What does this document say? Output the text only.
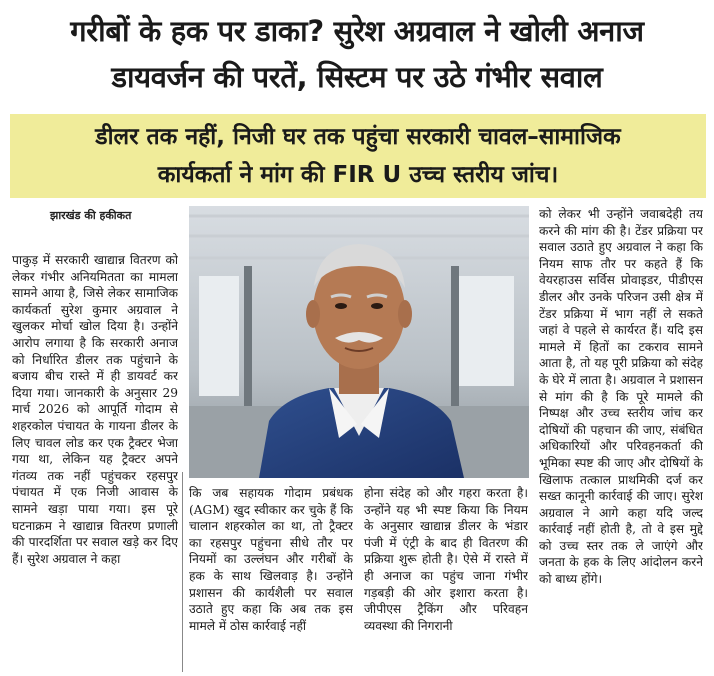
गरीबों के हक पर डाका? सुरेश अग्रवाल ने खोली अनाज
डायवर्जन की परतें, सिस्टम पर उठे गंभीर सवाल
डीलर तक नहीं, निजी घर तक पहुंचा सरकारी चावल–सामाजिक
कार्यकर्ता ने मांग की FIR U उच्च स्तरीय जांच।
झारखंड की हकीकत
पाकुड़ में सरकारी खाद्यान्न वितरण को लेकर गंभीर अनियमितता का मामला सामने आया है, जिसे लेकर सामाजिक कार्यकर्ता सुरेश कुमार अग्रवाल ने खुलकर मोर्चा खोल दिया है। उन्होंने आरोप लगाया है कि सरकारी अनाज को निर्धारित डीलर तक पहुंचाने के बजाय बीच रास्ते में ही डायवर्ट कर दिया गया। जानकारी के अनुसार 29 मार्च 2026 को आपूर्ति गोदाम से शहरकोल पंचायत के गायना डीलर के लिए चावल लोड कर एक ट्रैक्टर भेजा गया था, लेकिन यह ट्रैक्टर अपने गंतव्य तक नहीं पहुंचकर रहसपुर पंचायत में एक निजी आवास के सामने खड़ा पाया गया। इस पूरे घटनाक्रम ने खाद्यान्न वितरण प्रणाली की पारदर्शिता पर सवाल खड़े कर दिए हैं। सुरेश अग्रवाल ने कहा
कि जब सहायक गोदाम प्रबंधक (AGM) खुद स्वीकार कर चुके हैं कि चालान शहरकोल का था, तो ट्रैक्टर का रहसपुर पहुंचना सीधे तौर पर नियमों का उल्लंघन और गरीबों के हक के साथ खिलवाड़ है। उन्होंने प्रशासन की कार्यशैली पर सवाल उठाते हुए कहा कि अब तक इस मामले में ठोस कार्रवाई नहीं
होना संदेह को और गहरा करता है। उन्होंने यह भी स्पष्ट किया कि नियम के अनुसार खाद्यान्न डीलर के भंडार पंजी में एंट्री के बाद ही वितरण की प्रक्रिया शुरू होती है। ऐसे में रास्ते में ही अनाज का पहुंच जाना गंभीर गड़बड़ी की ओर इशारा करता है। जीपीएस ट्रैकिंग और परिवहन व्यवस्था की निगरानी
को लेकर भी उन्होंने जवाबदेही तय करने की मांग की है। टेंडर प्रक्रिया पर सवाल उठाते हुए अग्रवाल ने कहा कि नियम साफ तौर पर कहते हैं कि वेयरहाउस सर्विस प्रोवाइडर, पीडीएस डीलर और उनके परिजन उसी क्षेत्र में टेंडर प्रक्रिया में भाग नहीं ले सकते जहां वे पहले से कार्यरत हैं। यदि इस मामले में हितों का टकराव सामने आता है, तो यह पूरी प्रक्रिया को संदेह के घेरे में लाता है। अग्रवाल ने प्रशासन से मांग की है कि पूरे मामले की निष्पक्ष और उच्च स्तरीय जांच कर दोषियों की पहचान की जाए, संबंधित अधिकारियों और परिवहनकर्ता की भूमिका स्पष्ट की जाए और दोषियों के खिलाफ तत्काल प्राथमिकी दर्ज कर सख्त कानूनी कार्रवाई की जाए। सुरेश अग्रवाल ने आगे कहा यदि जल्द कार्रवाई नहीं होती है, तो वे इस मुद्दे को उच्च स्तर तक ले जाएंगे और जनता के हक के लिए आंदोलन करने को बाध्य होंगे।
